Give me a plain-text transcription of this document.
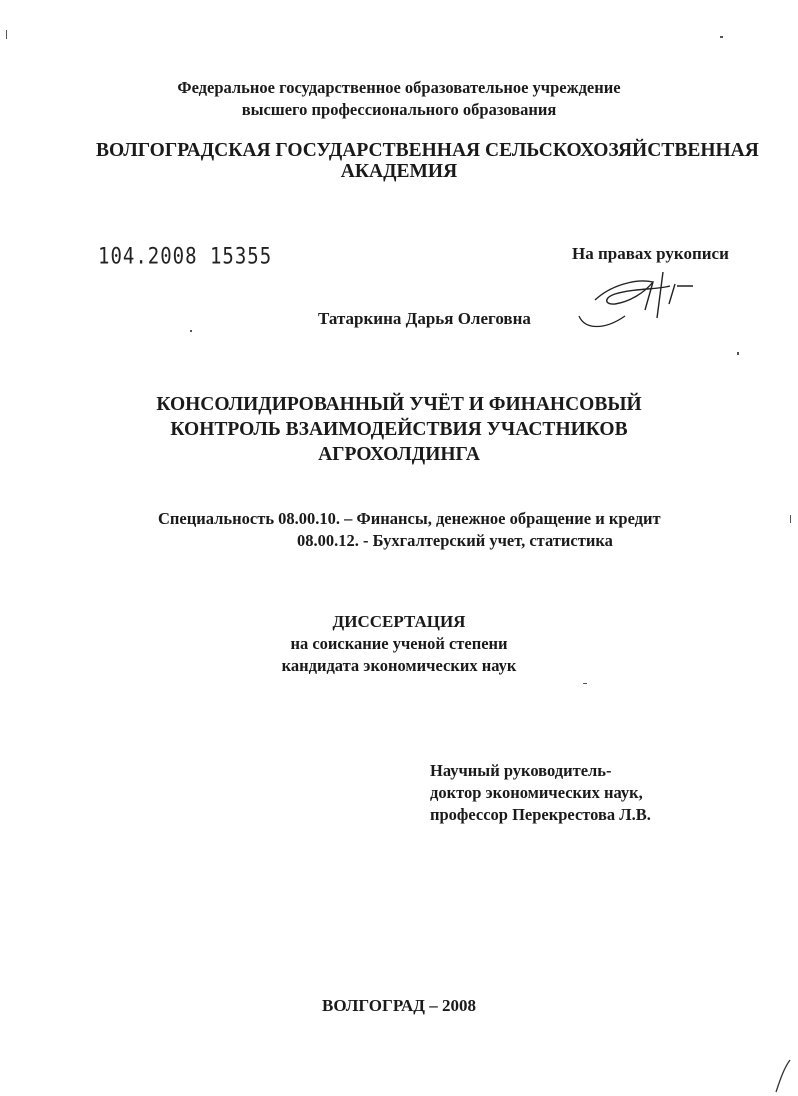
Федеральное государственное образовательное учреждение
высшего профессионального образования
ВОЛГОГРАДСКАЯ ГОСУДАРСТВЕННАЯ СЕЛЬСКОХОЗЯЙСТВЕННАЯ
АКАДЕМИЯ
104.2008 15355	На правах рукописи
Татаркина Дарья Олеговна
КОНСОЛИДИРОВАННЫЙ УЧЁТ И ФИНАНСОВЫЙ
КОНТРОЛЬ ВЗАИМОДЕЙСТВИЯ УЧАСТНИКОВ
АГРОХОЛДИНГА
Специальность 08.00.10. – Финансы, денежное обращение и кредит
08.00.12. - Бухгалтерский учет, статистика
ДИССЕРТАЦИЯ
на соискание ученой степени
кандидата экономических наук
Научный руководитель-
доктор экономических наук,
профессор Перекрестова Л.В.
ВОЛГОГРАД – 2008
